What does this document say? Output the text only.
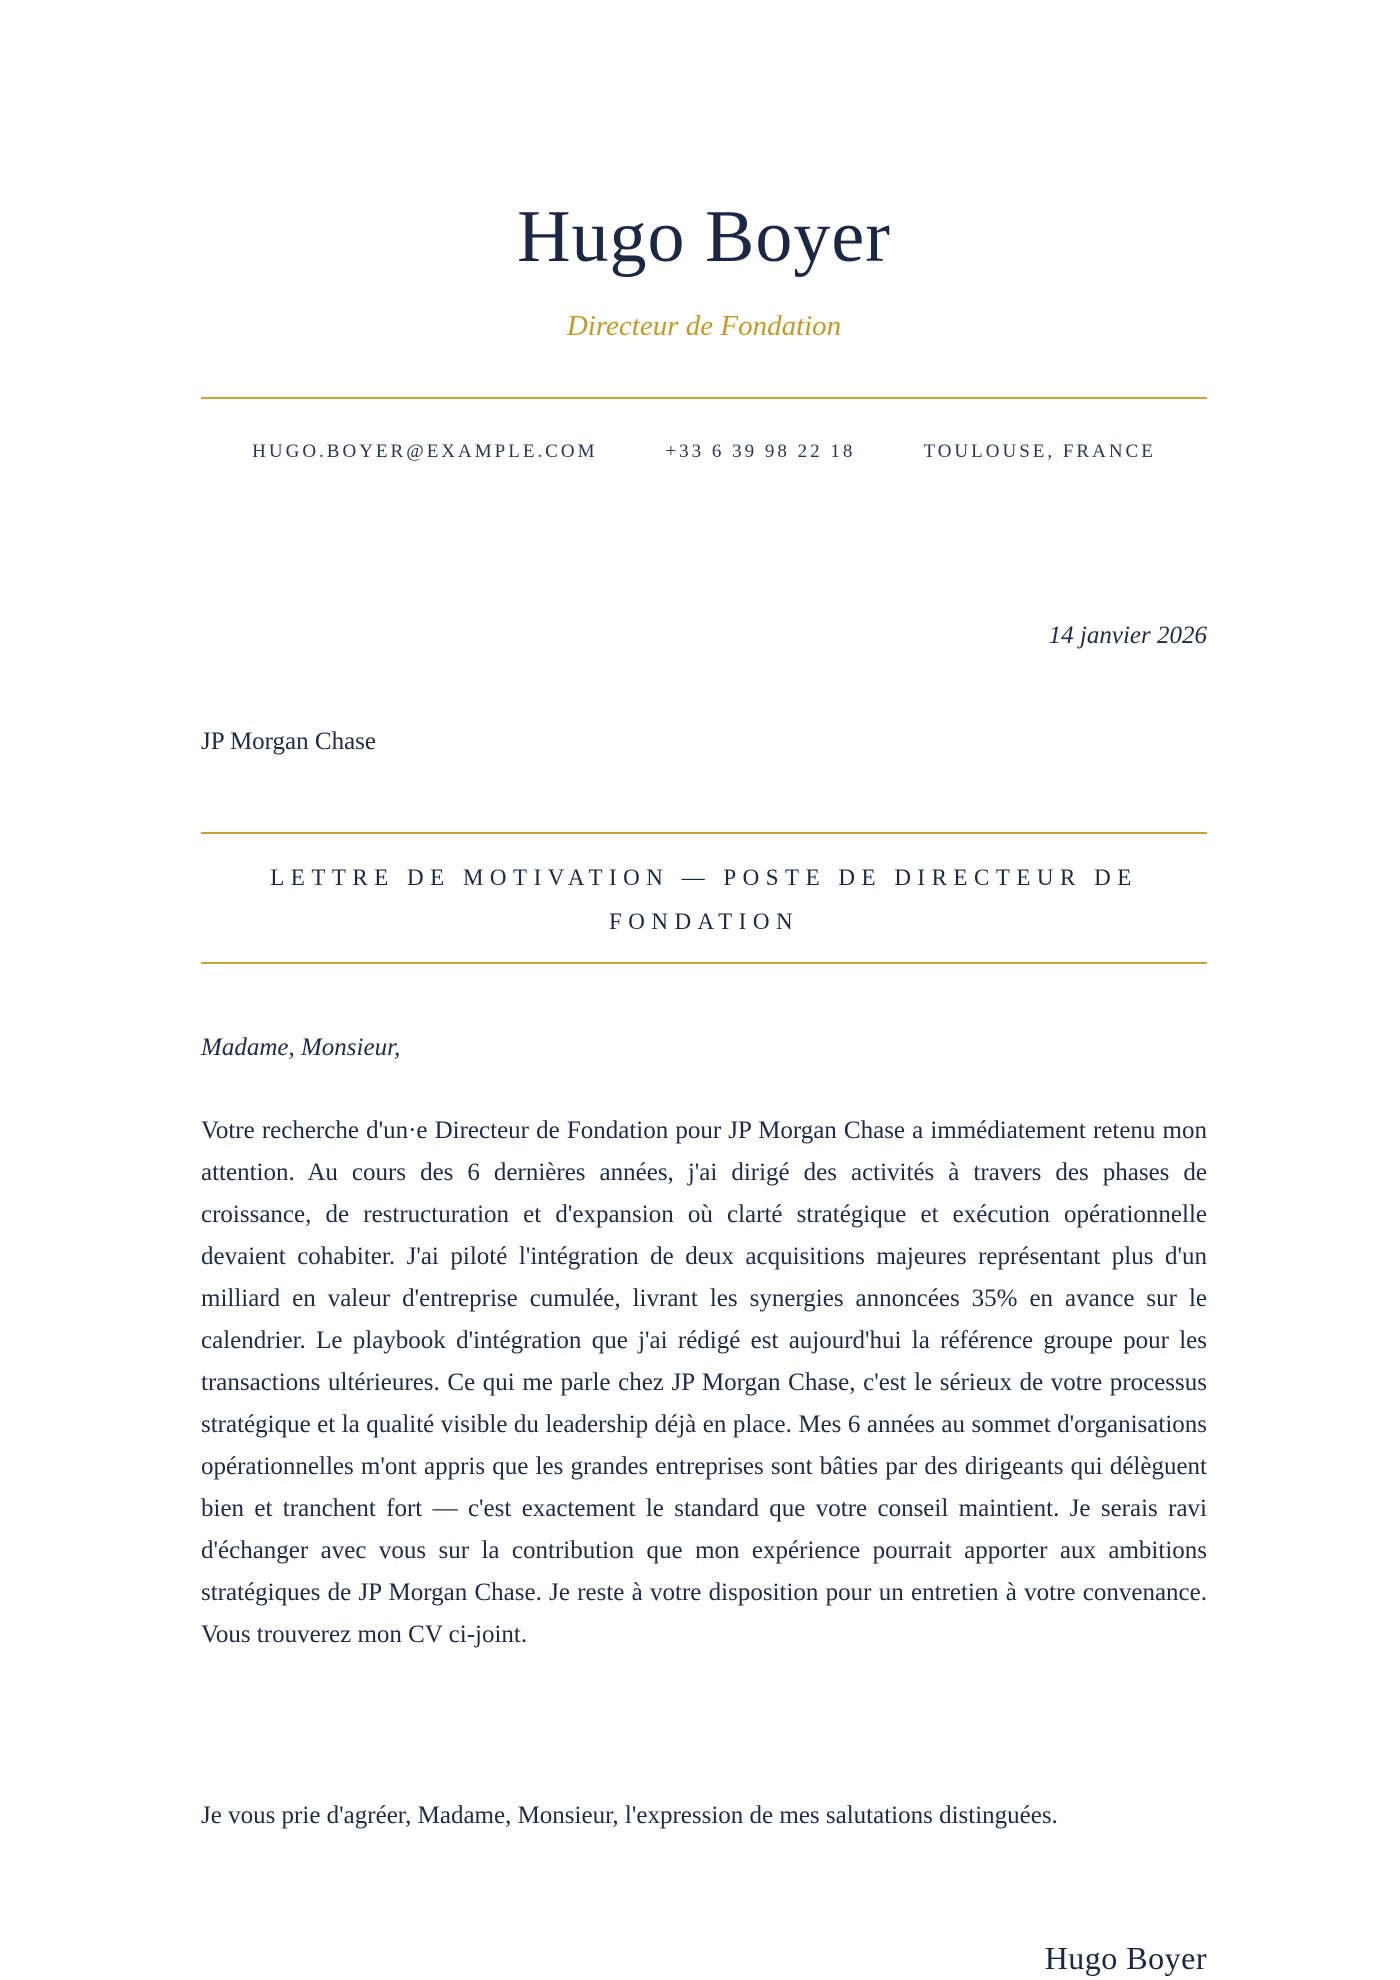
Hugo Boyer
Directeur de Fondation
HUGO.BOYER@EXAMPLE.COM	+33 6 39 98 22 18	TOULOUSE, FRANCE
14 janvier 2026
JP Morgan Chase
LETTRE DE MOTIVATION — POSTE DE DIRECTEUR DE FONDATION
Madame, Monsieur,

Votre recherche d'un·e Directeur de Fondation pour JP Morgan Chase a immédiatement retenu mon attention. Au cours des 6 dernières années, j'ai dirigé des activités à travers des phases de croissance, de restructuration et d'expansion où clarté stratégique et exécution opérationnelle devaient cohabiter. J'ai piloté l'intégration de deux acquisitions majeures représentant plus d'un milliard en valeur d'entreprise cumulée, livrant les synergies annoncées 35% en avance sur le calendrier. Le playbook d'intégration que j'ai rédigé est aujourd'hui la référence groupe pour les transactions ultérieures. Ce qui me parle chez JP Morgan Chase, c'est le sérieux de votre processus stratégique et la qualité visible du leadership déjà en place. Mes 6 années au sommet d'organisations opérationnelles m'ont appris que les grandes entreprises sont bâties par des dirigeants qui délèguent bien et tranchent fort — c'est exactement le standard que votre conseil maintient. Je serais ravi d'échanger avec vous sur la contribution que mon expérience pourrait apporter aux ambitions stratégiques de JP Morgan Chase. Je reste à votre disposition pour un entretien à votre convenance. Vous trouverez mon CV ci-joint.

Je vous prie d'agréer, Madame, Monsieur, l'expression de mes salutations distinguées.

Hugo Boyer
